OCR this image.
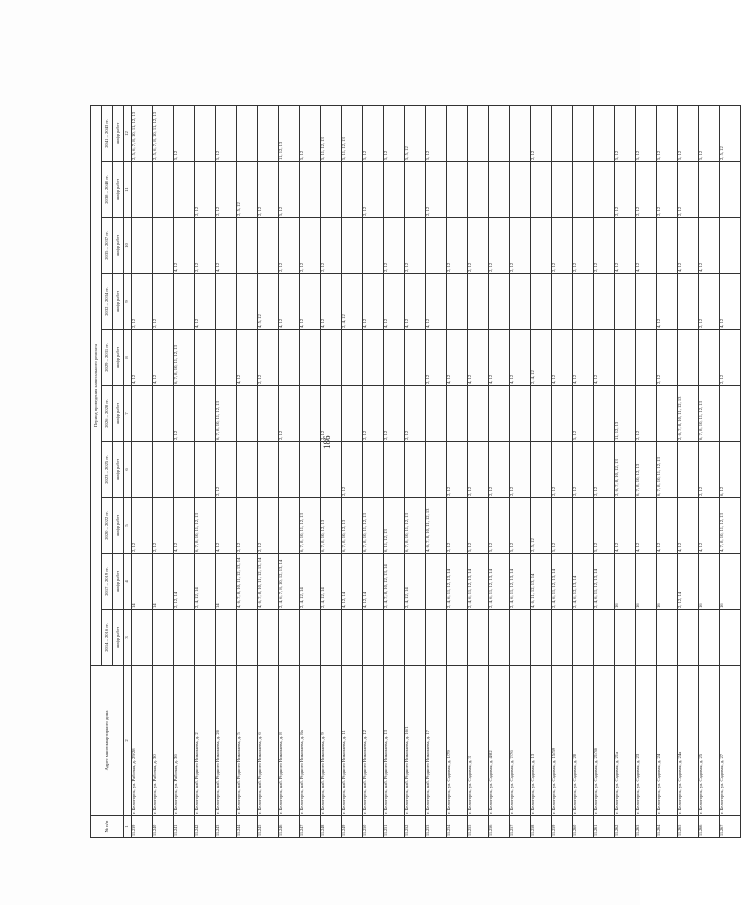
186
№ п/п	Адрес многоквартирного дома	Период проведения капитального ремонта									
		2014 – 2016 гг.	2017 – 2019 гг.	2020 – 2022 гг.	2023 – 2025 гг.	2026 – 2028 гг.	2029 – 2031 гг.	2032 – 2034 гг.	2035 – 2037 гг.	2038 – 2040 гг.	2041 – 2043 гг.
		шифр работ	шифр работ	шифр работ	шифр работ	шифр работ	шифр работ	шифр работ	шифр работ	шифр работ	шифр работ
1	2	3	4	5	6	7	8	9	10	11	12
11.239	г. Белогорск, ул. Рабочая, д. 29/28		14	2, 12			4, 12	2, 12			2, 5, 6, 7, 8, 10, 11, 12, 13
11.240	г. Белогорск, ул. Рабочая, д. 30		14	2, 12			4, 12	2, 12			2, 5, 6, 7, 8, 10, 11, 12, 13
11.241	г. Белогорск, ул. Рабочая, д. 36		2, 12, 14	4, 12		2, 12	6, 7, 8, 10, 11, 12, 13		4, 12		5, 12
11.242	г. Белогорск, наб. Родного Николаева, д. 2		2, 4, 12, 14	6, 7, 8, 10, 11, 12, 13				4, 12	2, 12	2, 12	
11.243	г. Белогорск, наб. Родного Николаева, д. 2б		14	4, 12	2, 12	6, 7, 8, 10, 11, 12, 13			4, 12	2, 12	5, 12
11.244	г. Белогорск, наб. Родного Николаева, д. 5		4, 6, 7, 8, 10, 11, 12, 13, 14	2, 12			4, 12			2, 5, 12	
11.245	г. Белогорск, наб. Родного Николаева, д. 6		4, 6, 7, 8, 10, 11, 12, 13, 14	2, 12			2, 12	4, 5, 12		2, 12	
11.246	г. Белогорск, наб. Родного Николаева, д. 8		2, 4, 6, 7, 8, 10, 12, 13, 14			2, 12		4, 12	2, 12	5, 12	11, 12, 13
11.247	г. Белогорск, наб. Родного Николаева, д. 8а		2, 4, 12, 14	6, 7, 8, 10, 11, 12, 13				4, 12	2, 12		5, 12
11.248	г. Белогорск, наб. Родного Николаева, д. 9		2, 4, 12, 14	6, 7, 8, 10, 12, 13		2, 12		4, 12	2, 12		5, 11, 12, 13
11.249	г. Белогорск, наб. Родного Николаева, д. 11		4, 12, 14	6, 7, 8, 10, 12, 13	2, 12			2, 4, 12			5, 11, 12, 13
11.250	г. Белогорск, наб. Родного Николаева, д. 12		4, 12, 14	6, 7, 8, 10, 11, 12, 13		2, 12		4, 12		2, 12	5, 12
11.251	г. Белогорск, наб. Родного Николаева, д. 13		2, 4, 7, 8, 10, 12, 13, 14	6, 11, 12, 13		2, 12		4, 12	2, 12		5, 12
11.252	г. Белогорск, наб. Родного Николаева, д. 16/1		2, 4, 12, 14	6, 7, 8, 10, 11, 12, 13		2, 12		4, 12	2, 12		5, 5, 12
11.253	г. Белогорск, наб. Родного Николаева, д. 17			4, 6, 7, 8, 10, 11, 12, 13			2, 12	4, 12		2, 12	5, 12
11.254	г. Белогорск, ул. Садовая, д. 1/79		2, 4, 6, 11, 12, 13, 14	2, 12	2, 12		4, 12		2, 12		
11.255	г. Белогорск, ул. Садовая, д. 3		2, 4, 6, 11, 12, 13, 14	5, 12	2, 12		4, 12		2, 12		
11.256	г. Белогорск, ул. Садовая, д. 4/82		2, 4, 6, 11, 12, 13, 14	5, 12	2, 12		4, 12		2, 12		
11.257	г. Белогорск, ул. Садовая, д. 7/76		2, 4, 6, 11, 12, 13, 14	5, 12	2, 12		4, 12		2, 12		
11.258	г. Белогорск, ул. Садовая, д. 13		4, 6, 11, 12, 13, 14	2, 5, 12			2, 4, 12				2, 12
11.259	г. Белогорск, ул. Садовая, д. 15/59		2, 4, 6, 11, 12, 13, 14	5, 12	2, 12		4, 12		2, 12		
11.260	г. Белогорск, ул. Садовая, д. 20		2, 4, 6, 12, 13, 14		2, 12	5, 12	4, 12		2, 12		
11.261	г. Белогорск, ул. Садовая, д. 21/36		2, 4, 6, 11, 12, 13, 14	5, 12	2, 12		4, 12		2, 12		
11.262	г. Белогорск, ул. Садовая, д. 21а		16	4, 12	2, 6, 7, 8, 10, 12, 13	11, 12, 13			4, 12	2, 12	5, 12
11.263	г. Белогорск, ул. Садовая, д. 23		16	4, 12	6, 7, 8, 10, 12, 13	2, 12			4, 12	2, 12	5, 12
11.264	г. Белогорск, ул. Садовая, д. 24		16	4, 12	6, 7, 8, 10, 11, 12, 13		2, 12	4, 12		2, 12	5, 12
11.265	г. Белогорск, ул. Садовая, д. 24а		2, 12, 14	4, 12		2, 6, 7, 8, 10, 11, 12, 13			4, 12	2, 12	5, 12
11.266	г. Белогорск, ул. Садовая, д. 25		16	4, 12	2, 12	6, 7, 8, 10, 11, 12, 13		2, 12	4, 12		5, 12
11.267	г. Белогорск, ул. Садовая, д. 27		16	4, 7, 8, 10, 11, 12, 13	6, 12		2, 12	4, 12			2, 5, 12
